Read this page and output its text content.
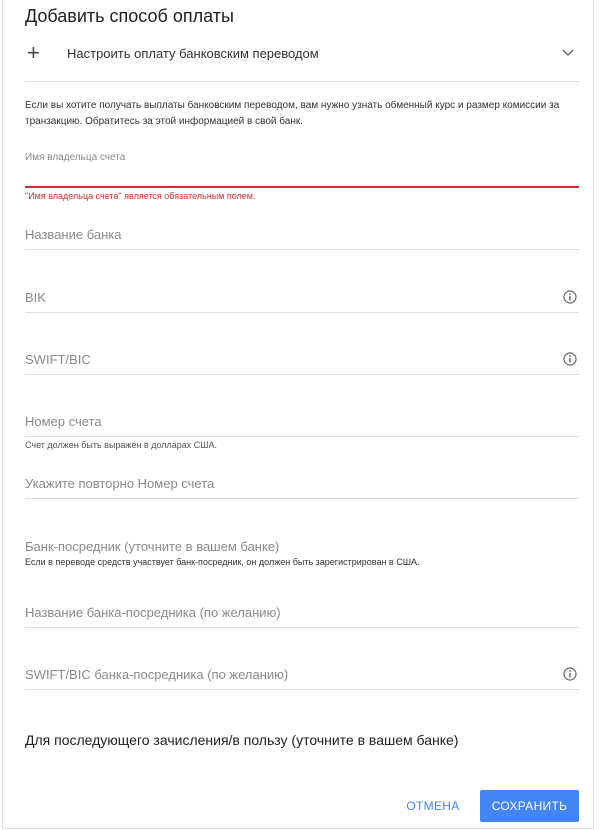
Добавить способ оплаты
+ Настроить оплату банковским переводом
Если вы хотите получать выплаты банковским переводом, вам нужно узнать обменный курс и размер комиссии за транзакцию. Обратитесь за этой информацией в свой банк.
Имя владельца счета
"Имя владельца счета" является обязательным полем.
Название банка
BIK
SWIFT/BIC
Номер счета
Счет должен быть выражен в долларах США.
Укажите повторно Номер счета
Банк-посредник (уточните в вашем банке)
Если в переводе средств участвует банк-посредник, он должен быть зарегистрирован в США.
Название банка-посредника (по желанию)
SWIFT/BIC банка-посредника (по желанию)
Для последующего зачисления/в пользу (уточните в вашем банке)
ОТМЕНА	СОХРАНИТЬ
